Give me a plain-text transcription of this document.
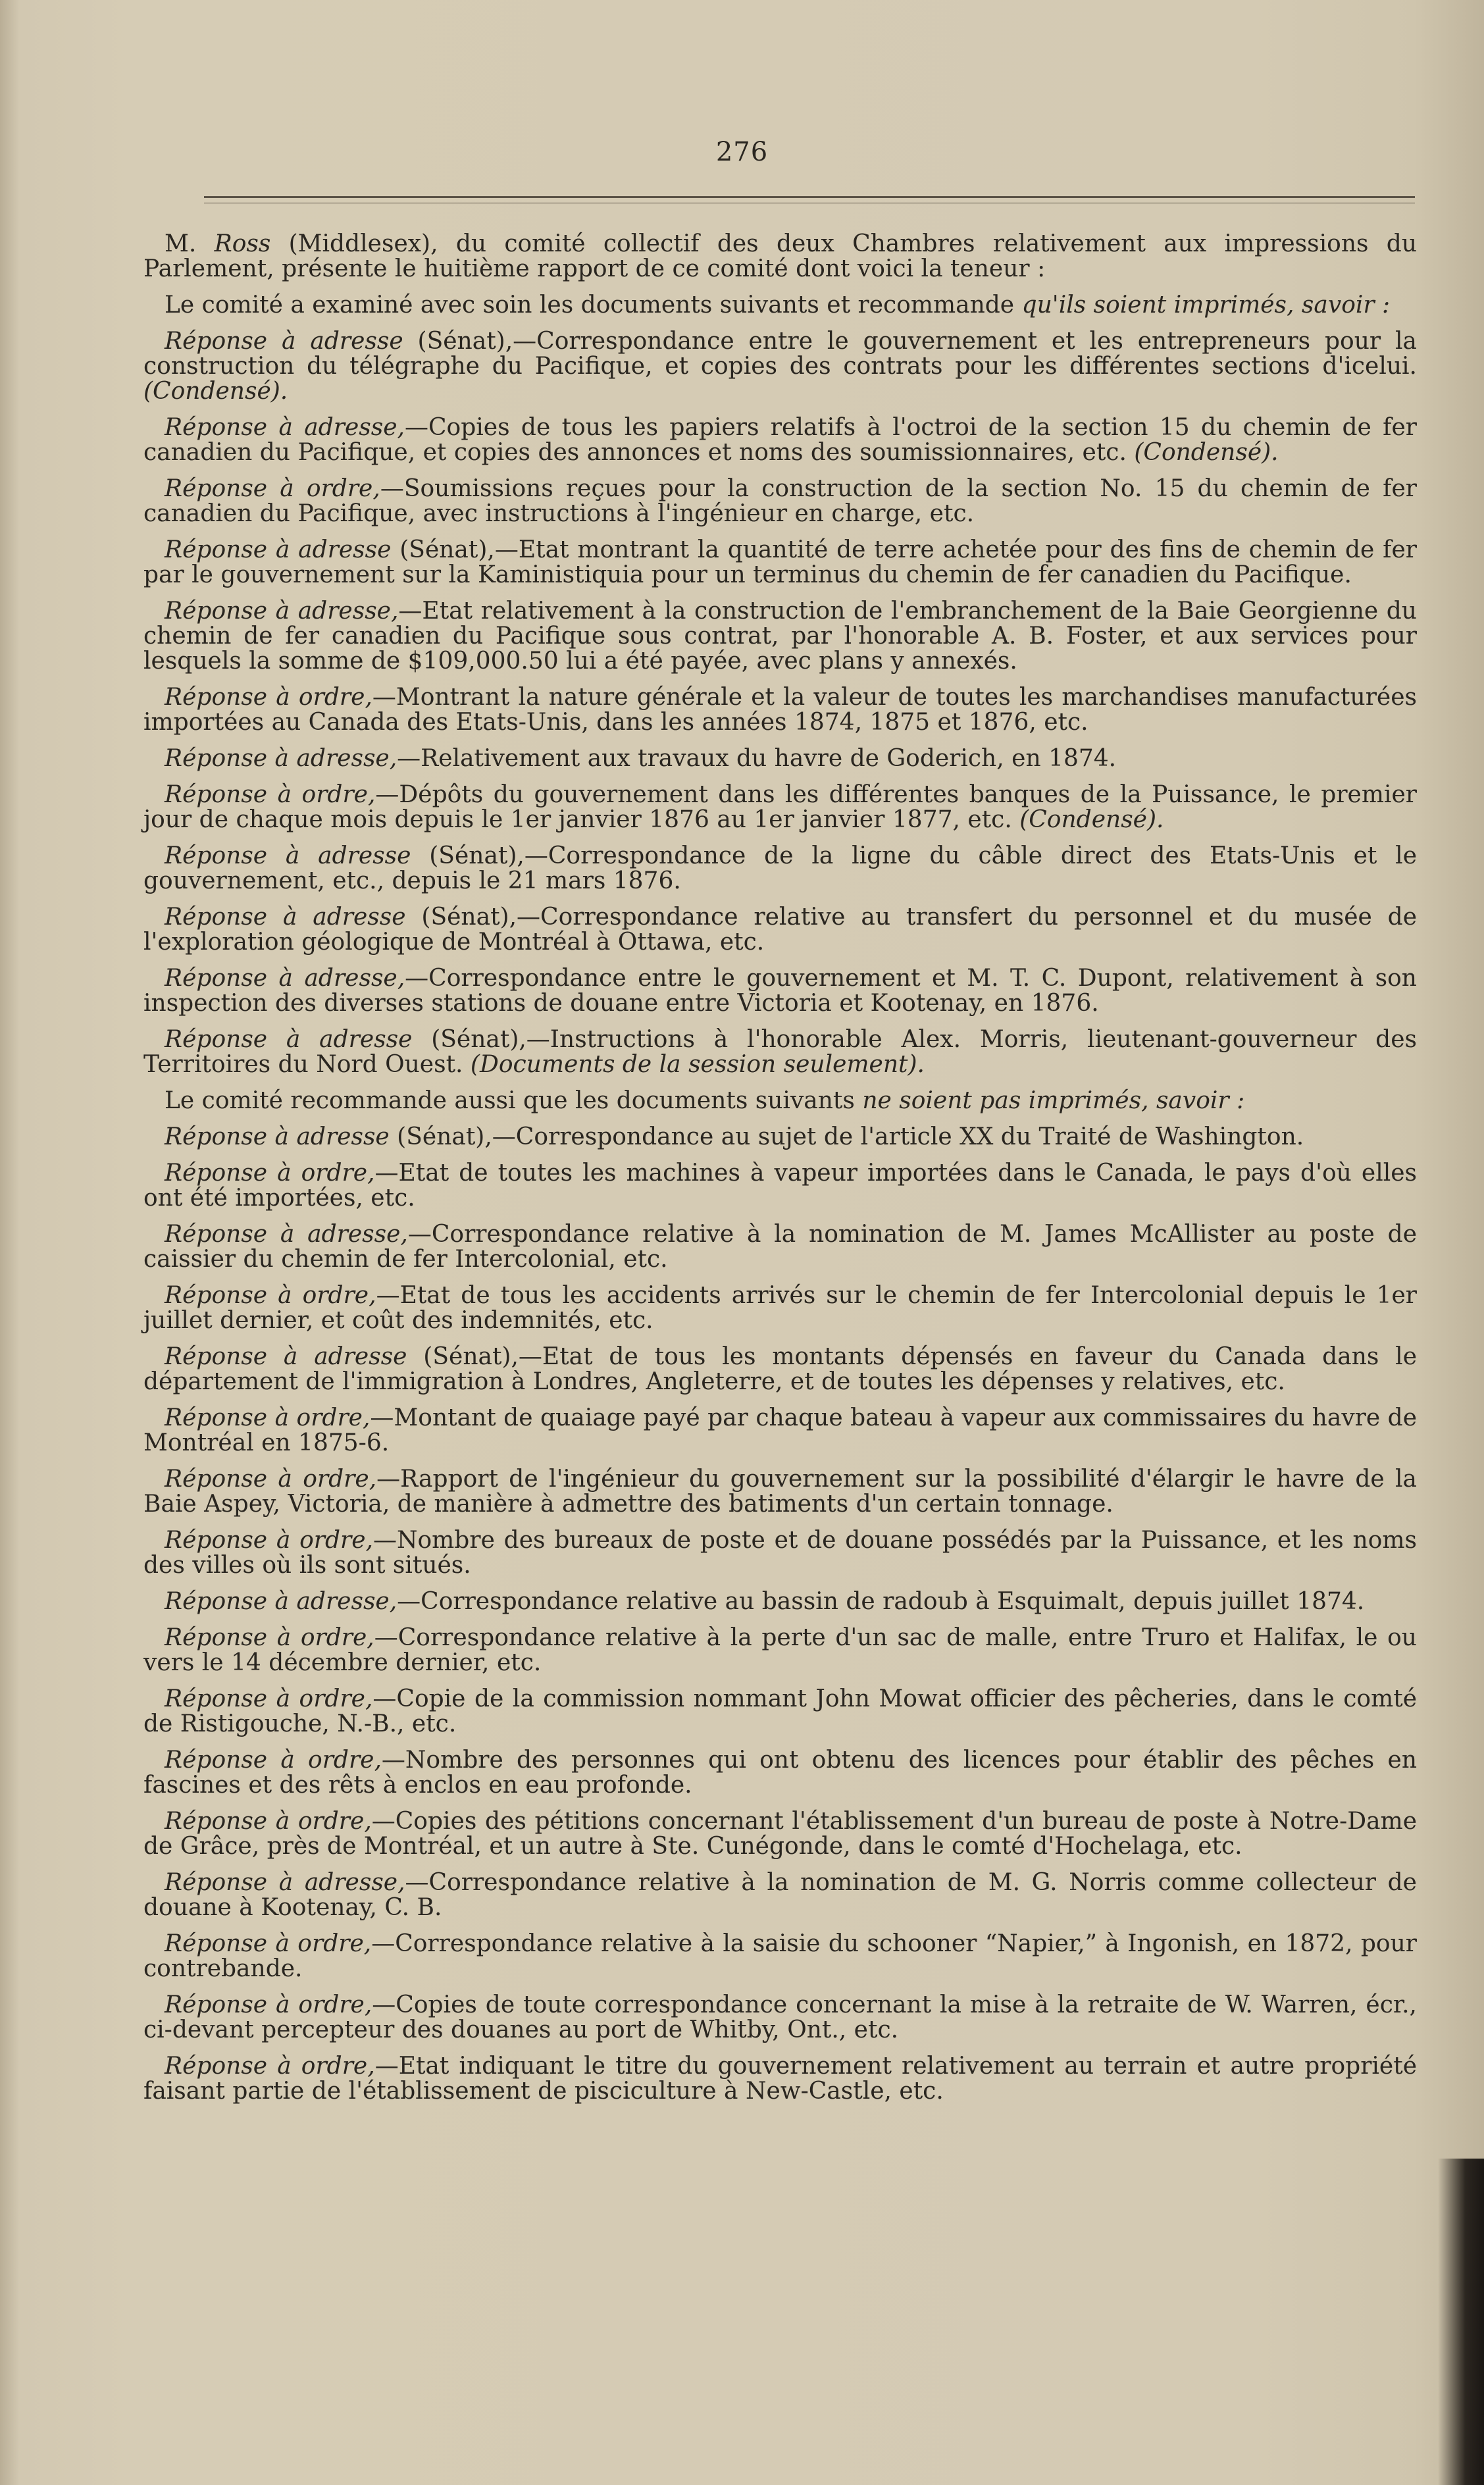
276

M. Ross (Middlesex), du comité collectif des deux Chambres relativement aux impressions du Parlement, présente le huitième rapport de ce comité dont voici la teneur :

Le comité a examiné avec soin les documents suivants et recommande qu'ils soient imprimés, savoir :

Réponse à adresse (Sénat),—Correspondance entre le gouvernement et les entrepreneurs pour la construction du télégraphe du Pacifique, et copies des contrats pour les différentes sections d'icelui. (Condensé).

Réponse à adresse,—Copies de tous les papiers relatifs à l'octroi de la section 15 du chemin de fer canadien du Pacifique, et copies des annonces et noms des soumissionnaires, etc. (Condensé).

Réponse à ordre,—Soumissions reçues pour la construction de la section No. 15 du chemin de fer canadien du Pacifique, avec instructions à l'ingénieur en charge, etc.

Réponse à adresse (Sénat),—Etat montrant la quantité de terre achetée pour des fins de chemin de fer par le gouvernement sur la Kaministiquia pour un terminus du chemin de fer canadien du Pacifique.

Réponse à adresse,—Etat relativement à la construction de l'embranchement de la Baie Georgienne du chemin de fer canadien du Pacifique sous contrat, par l'honorable A. B. Foster, et aux services pour lesquels la somme de $109,000.50 lui a été payée, avec plans y annexés.

Réponse à ordre,—Montrant la nature générale et la valeur de toutes les marchandises manufacturées importées au Canada des Etats-Unis, dans les années 1874, 1875 et 1876, etc.

Réponse à adresse,—Relativement aux travaux du havre de Goderich, en 1874.

Réponse à ordre,—Dépôts du gouvernement dans les différentes banques de la Puissance, le premier jour de chaque mois depuis le 1er janvier 1876 au 1er janvier 1877, etc. (Condensé).

Réponse à adresse (Sénat),—Correspondance de la ligne du câble direct des Etats-Unis et le gouvernement, etc., depuis le 21 mars 1876.

Réponse à adresse (Sénat),—Correspondance relative au transfert du personnel et du musée de l'exploration géologique de Montréal à Ottawa, etc.

Réponse à adresse,—Correspondance entre le gouvernement et M. T. C. Dupont, relativement à son inspection des diverses stations de douane entre Victoria et Kootenay, en 1876.

Réponse à adresse (Sénat),—Instructions à l'honorable Alex. Morris, lieutenant-gouverneur des Territoires du Nord Ouest. (Documents de la session seulement).

Le comité recommande aussi que les documents suivants ne soient pas imprimés, savoir :

Réponse à adresse (Sénat),—Correspondance au sujet de l'article XX du Traité de Washington.

Réponse à ordre,—Etat de toutes les machines à vapeur importées dans le Canada, le pays d'où elles ont été importées, etc.

Réponse à adresse,—Correspondance relative à la nomination de M. James McAllister au poste de caissier du chemin de fer Intercolonial, etc.

Réponse à ordre,—Etat de tous les accidents arrivés sur le chemin de fer Intercolonial depuis le 1er juillet dernier, et coût des indemnités, etc.

Réponse à adresse (Sénat),—Etat de tous les montants dépensés en faveur du Canada dans le département de l'immigration à Londres, Angleterre, et de toutes les dépenses y relatives, etc.

Réponse à ordre,—Montant de quaiage payé par chaque bateau à vapeur aux commissaires du havre de Montréal en 1875-6.

Réponse à ordre,—Rapport de l'ingénieur du gouvernement sur la possibilité d'élargir le havre de la Baie Aspey, Victoria, de manière à admettre des batiments d'un certain tonnage.

Réponse à ordre,—Nombre des bureaux de poste et de douane possédés par la Puissance, et les noms des villes où ils sont situés.

Réponse à adresse,—Correspondance relative au bassin de radoub à Esquimalt, depuis juillet 1874.

Réponse à ordre,—Correspondance relative à la perte d'un sac de malle, entre Truro et Halifax, le ou vers le 14 décembre dernier, etc.

Réponse à ordre,—Copie de la commission nommant John Mowat officier des pêcheries, dans le comté de Ristigouche, N.-B., etc.

Réponse à ordre,—Nombre des personnes qui ont obtenu des licences pour établir des pêches en fascines et des rêts à enclos en eau profonde.

Réponse à ordre,—Copies des pétitions concernant l'établissement d'un bureau de poste à Notre-Dame de Grâce, près de Montréal, et un autre à Ste. Cunégonde, dans le comté d'Hochelaga, etc.

Réponse à adresse,—Correspondance relative à la nomination de M. G. Norris comme collecteur de douane à Kootenay, C. B.

Réponse à ordre,—Correspondance relative à la saisie du schooner “Napier,” à Ingonish, en 1872, pour contrebande.

Réponse à ordre,—Copies de toute correspondance concernant la mise à la retraite de W. Warren, écr., ci-devant percepteur des douanes au port de Whitby, Ont., etc.

Réponse à ordre,—Etat indiquant le titre du gouvernement relativement au terrain et autre propriété faisant partie de l'établissement de pisciculture à New-Castle, etc.
